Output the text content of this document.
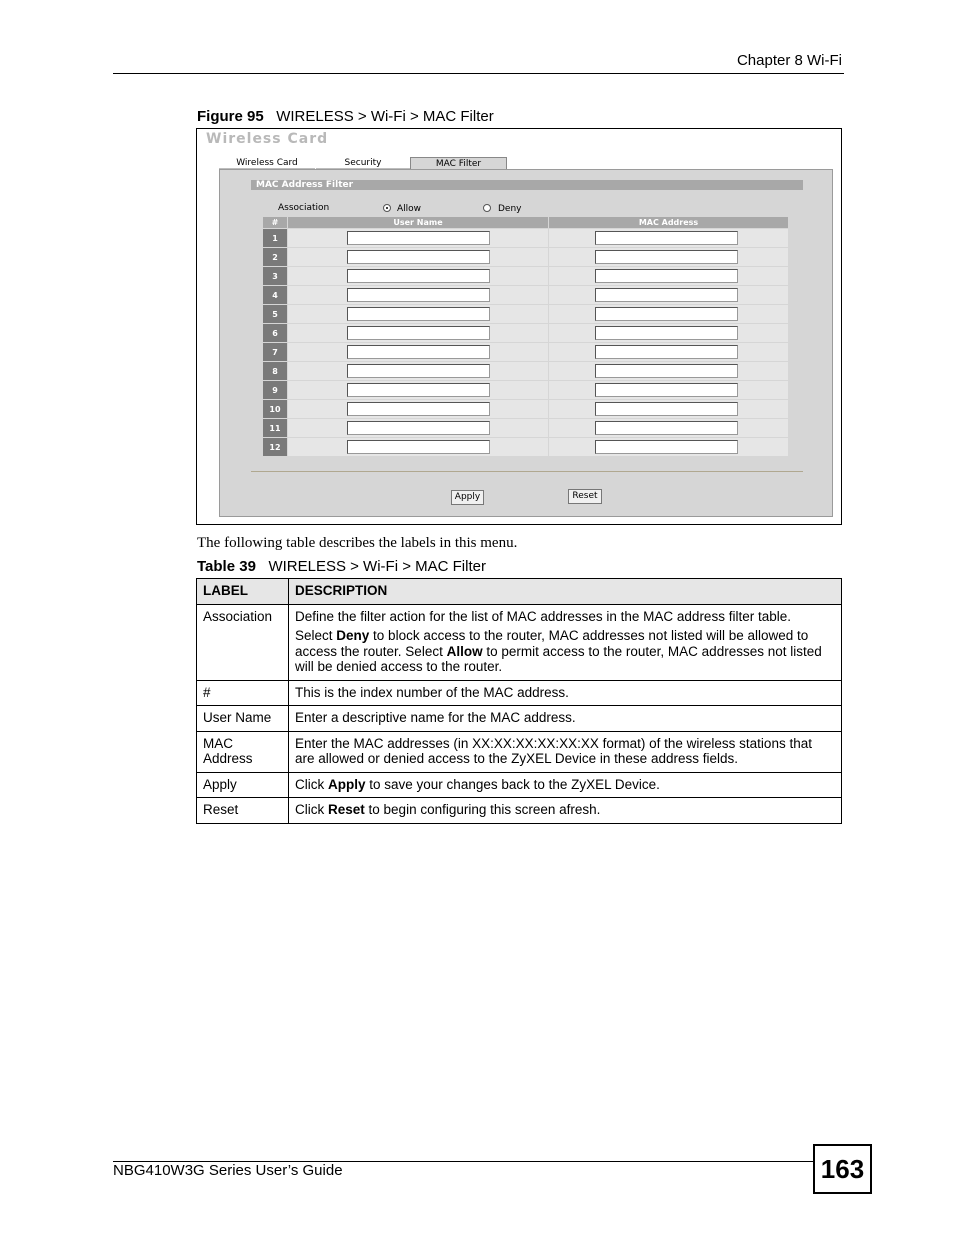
Chapter 8 Wi-Fi
Figure 95 WIRELESS > Wi-Fi > MAC Filter
Wireless Card
Wireless Card	Security	MAC Filter
MAC Address Filter
Association	Allow	Deny
#	User Name	MAC Address
1	

2	

3	

4	

5	

6	

7	

8	

9	

10	

11	

12	

Apply	Reset
The following table describes the labels in this menu.
Table 39 WIRELESS > Wi-Fi > MAC Filter
LABEL	DESCRIPTION
Association	Define the filter action for the list of MAC addresses in the MAC address filter table.

Select Deny to block access to the router, MAC addresses not listed will be allowed to access the router. Select Allow to permit access to the router, MAC addresses not listed will be denied access to the router.

#	This is the index number of the MAC address.
User Name	Enter a descriptive name for the MAC address.
MAC
Address	Enter the MAC addresses (in XX:XX:XX:XX:XX:XX format) of the wireless stations that are allowed or denied access to the ZyXEL Device in these address fields.
Apply	Click Apply to save your changes back to the ZyXEL Device.
Reset	Click Reset to begin configuring this screen afresh.
NBG410W3G Series User’s Guide	163
